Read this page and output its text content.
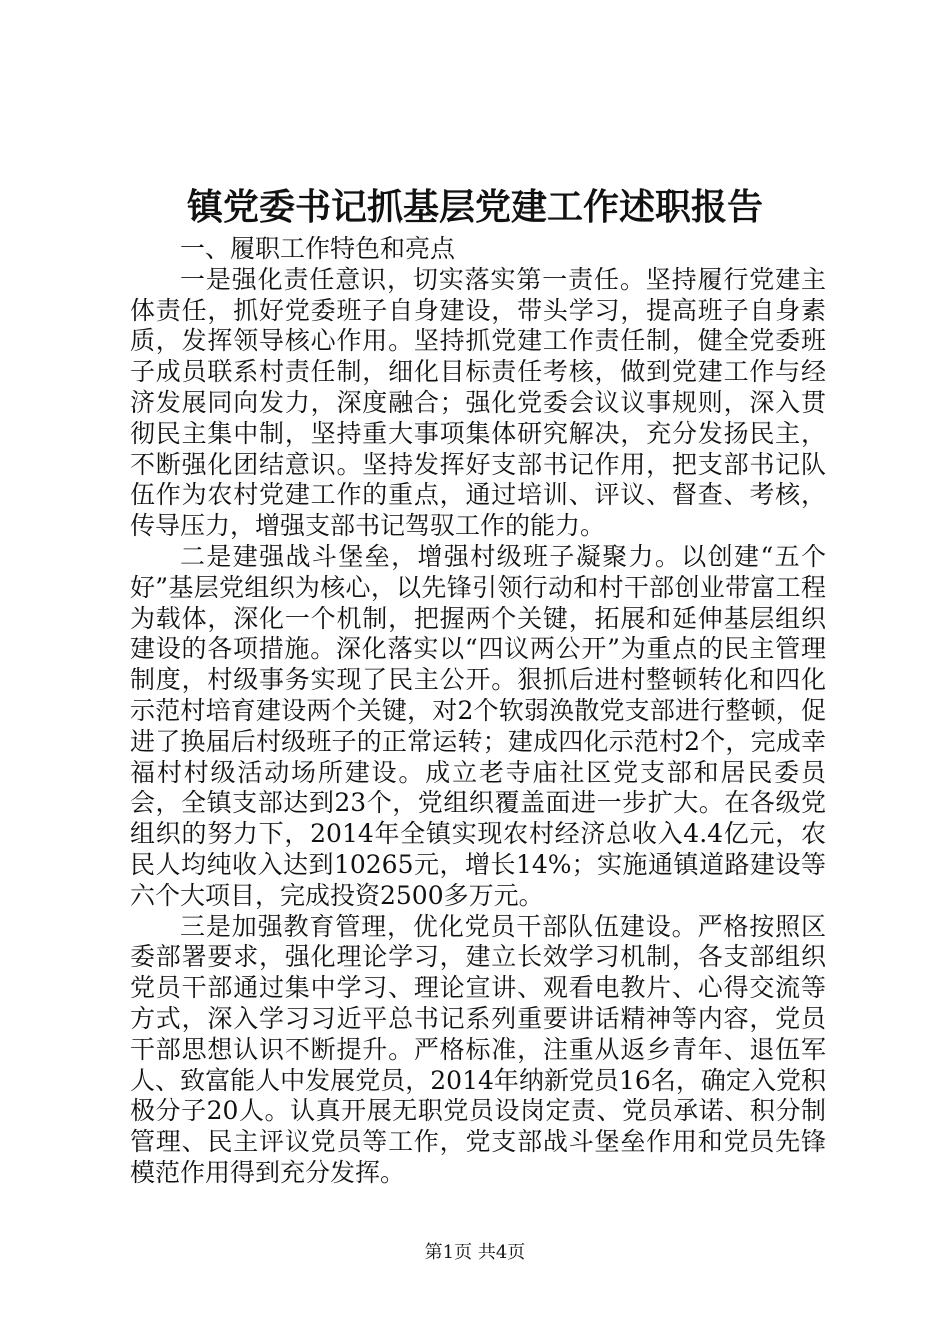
镇党委书记抓基层党建工作述职报告

一、履职工作特色和亮点

一是强化责任意识，切实落实第一责任。坚持履行党建主体责任，抓好党委班子自身建设，带头学习，提高班子自身素质，发挥领导核心作用。坚持抓党建工作责任制，健全党委班子成员联系村责任制，细化目标责任考核，做到党建工作与经济发展同向发力，深度融合；强化党委会议议事规则，深入贯彻民主集中制，坚持重大事项集体研究解决，充分发扬民主，不断强化团结意识。坚持发挥好支部书记作用，把支部书记队伍作为农村党建工作的重点，通过培训、评议、督查、考核，传导压力，增强支部书记驾驭工作的能力。

二是建强战斗堡垒，增强村级班子凝聚力。以创建“五个好”基层党组织为核心，以先锋引领行动和村干部创业带富工程为载体，深化一个机制，把握两个关键，拓展和延伸基层组织建设的各项措施。深化落实以“四议两公开”为重点的民主管理制度，村级事务实现了民主公开。狠抓后进村整顿转化和四化示范村培育建设两个关键，对2个软弱涣散党支部进行整顿，促进了换届后村级班子的正常运转；建成四化示范村2个，完成幸福村村级活动场所建设。成立老寺庙社区党支部和居民委员会，全镇支部达到23个，党组织覆盖面进一步扩大。在各级党组织的努力下，2014年全镇实现农村经济总收入4.4亿元，农民人均纯收入达到10265元，增长14%；实施通镇道路建设等六个大项目，完成投资2500多万元。

三是加强教育管理，优化党员干部队伍建设。严格按照区委部署要求，强化理论学习，建立长效学习机制，各支部组织党员干部通过集中学习、理论宣讲、观看电教片、心得交流等方式，深入学习习近平总书记系列重要讲话精神等内容，党员干部思想认识不断提升。严格标准，注重从返乡青年、退伍军人、致富能人中发展党员，2014年纳新党员16名，确定入党积极分子20人。认真开展无职党员设岗定责、党员承诺、积分制管理、民主评议党员等工作，党支部战斗堡垒作用和党员先锋模范作用得到充分发挥。

第1页 共4页
